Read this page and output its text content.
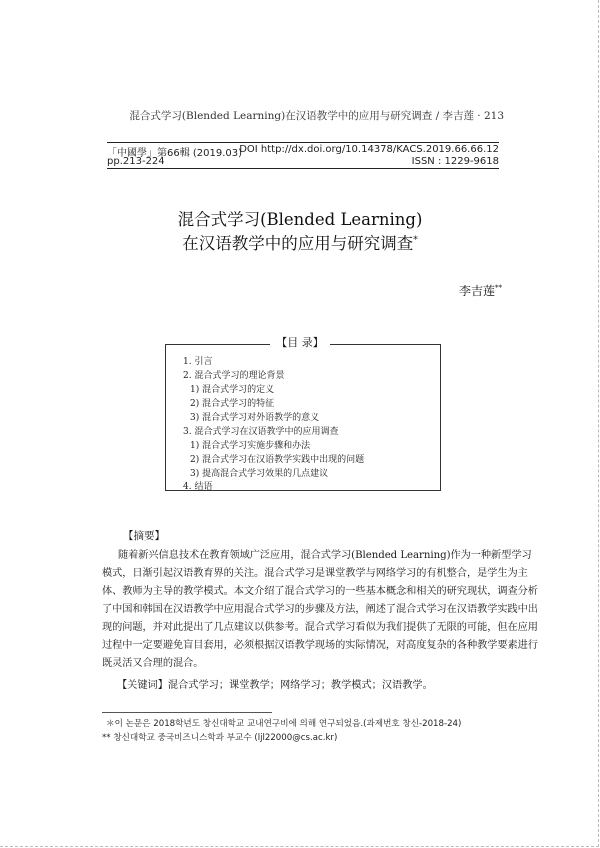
混合式学习(Blended Learning)在汉语教学中的应用与研究调查 / 李吉莲 · 213
「中國學」第66輯 (2019.03)
DOI http://dx.doi.org/10.14378/KACS.2019.66.66.12
pp.213-224	ISSN : 1229-9618
混合式学习(Blended Learning)
在汉语教学中的应用与研究调查*
李吉莲**
【目 录】
1. 引言
2. 混合式学习的理论背景
1) 混合式学习的定义
2) 混合式学习的特征
3) 混合式学习对外语教学的意义
3. 混合式学习在汉语教学中的应用调查
1) 混合式学习实施步骤和办法
2) 混合式学习在汉语教学实践中出现的问题
3) 提高混合式学习效果的几点建议
4. 结语
【摘要】
随着新兴信息技术在教育领域广泛应用，混合式学习(Blended Learning)作为一种新型学习
模式，日渐引起汉语教育界的关注。混合式学习是课堂教学与网络学习的有机整合，是学生为主
体、教师为主导的教学模式。本文介绍了混合式学习的一些基本概念和相关的研究现状，调查分析
了中国和韩国在汉语教学中应用混合式学习的步骤及方法，阐述了混合式学习在汉语教学实践中出
现的问题，并对此提出了几点建议以供参考。混合式学习看似为我们提供了无限的可能，但在应用
过程中一定要避免盲目套用，必须根据汉语教学现场的实际情况，对高度复杂的各种教学要素进行
既灵活又合理的混合。
【关键词】混合式学习；课堂教学；网络学习；教学模式；汉语教学。
＊이 논문은 2018학년도 창신대학교 교내연구비에 의해 연구되었음.(과제번호 창신-2018-24)
** 창신대학교 중국비즈니스학과 부교수 (ljl22000@cs.ac.kr)
